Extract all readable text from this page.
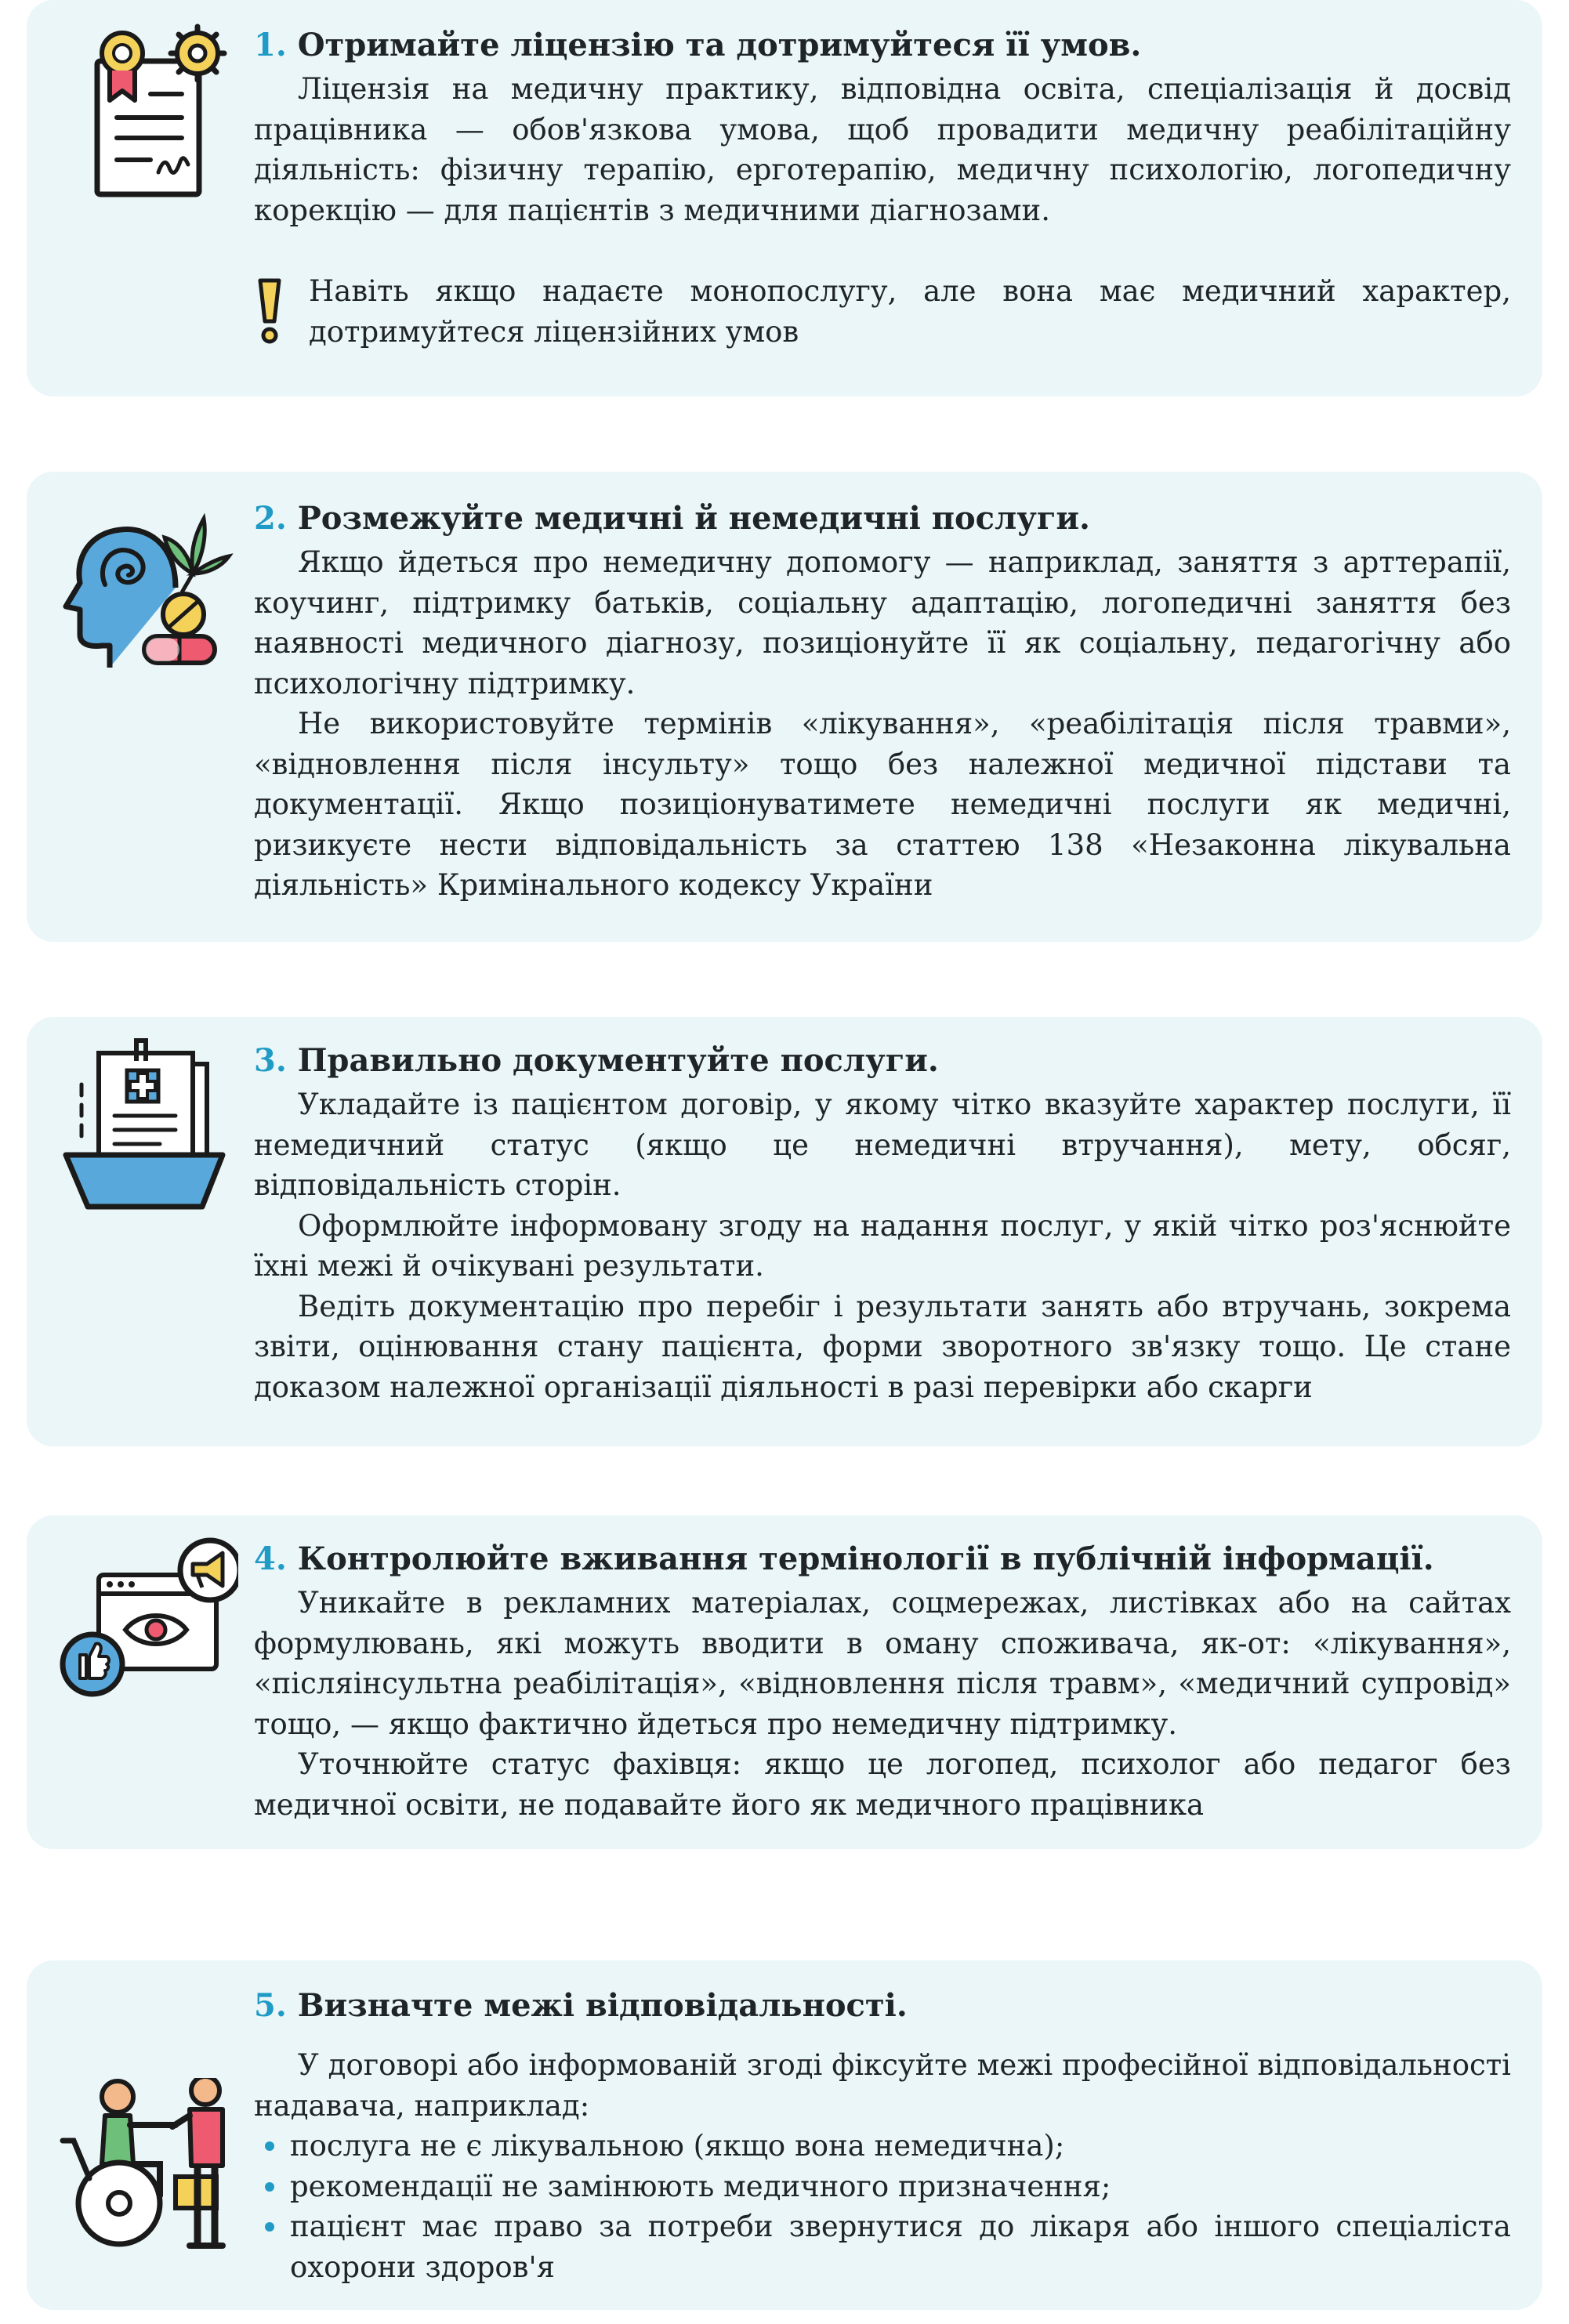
1. Отримайте ліцензію та дотримуйтеся її умов.

Ліцензія на медичну практику, відповідна освіта, спеціалізація й досвід працівника — обов'язкова умова, щоб провадити медичну реабілітаційну діяльність: фізичну терапію, ерготерапію, медичну психологію, логопедичну корекцію — для пацієнтів з медичними діагнозами.

Навіть якщо надаєте монопослугу, але вона має медичний характер, дотримуйтеся ліцензійних умов

2. Розмежуйте медичні й немедичні послуги.

Якщо йдеться про немедичну допомогу — наприклад, заняття з арттерапії, коучинг, підтримку батьків, соціальну адаптацію, логопедичні заняття без наявності медичного діагнозу, позиціонуйте її як соціальну, педагогічну або психологічну підтримку.

Не використовуйте термінів «лікування», «реабілітація після травми», «відновлення після інсульту» тощо без належної медичної підстави та документації. Якщо позиціонуватимете немедичні послуги як медичні, ризикуєте нести відповідальність за статтею 138 «Незаконна лікувальна діяльність» Кримінального кодексу України

3. Правильно документуйте послуги.

Укладайте із пацієнтом договір, у якому чітко вказуйте характер послуги, її немедичний статус (якщо це немедичні втручання), мету, обсяг, відповідальність сторін.

Оформлюйте інформовану згоду на надання послуг, у якій чітко роз'яснюйте їхні межі й очікувані результати.

Ведіть документацію про перебіг і результати занять або втручань, зокрема звіти, оцінювання стану пацієнта, форми зворотного зв'язку тощо. Це стане доказом належної організації діяльності в разі перевірки або скарги

4. Контролюйте вживання термінології в публічній інформації.

Уникайте в рекламних матеріалах, соцмережах, листівках або на сайтах формулювань, які можуть вводити в оману споживача, як-от: «лікування», «післяінсультна реабілітація», «відновлення після травм», «медичний супровід» тощо, — якщо фактично йдеться про немедичну підтримку.

Уточнюйте статус фахівця: якщо це логопед, психолог або педагог без медичної освіти, не подавайте його як медичного працівника

5. Визначте межі відповідальності.

У договорі або інформованій згоді фіксуйте межі професійної відповідальності надавача, наприклад:

послуга не є лікувальною (якщо вона немедична);
рекомендації не замінюють медичного призначення;
пацієнт має право за потреби звернутися до лікаря або іншого спеціаліста охорони здоров'я
